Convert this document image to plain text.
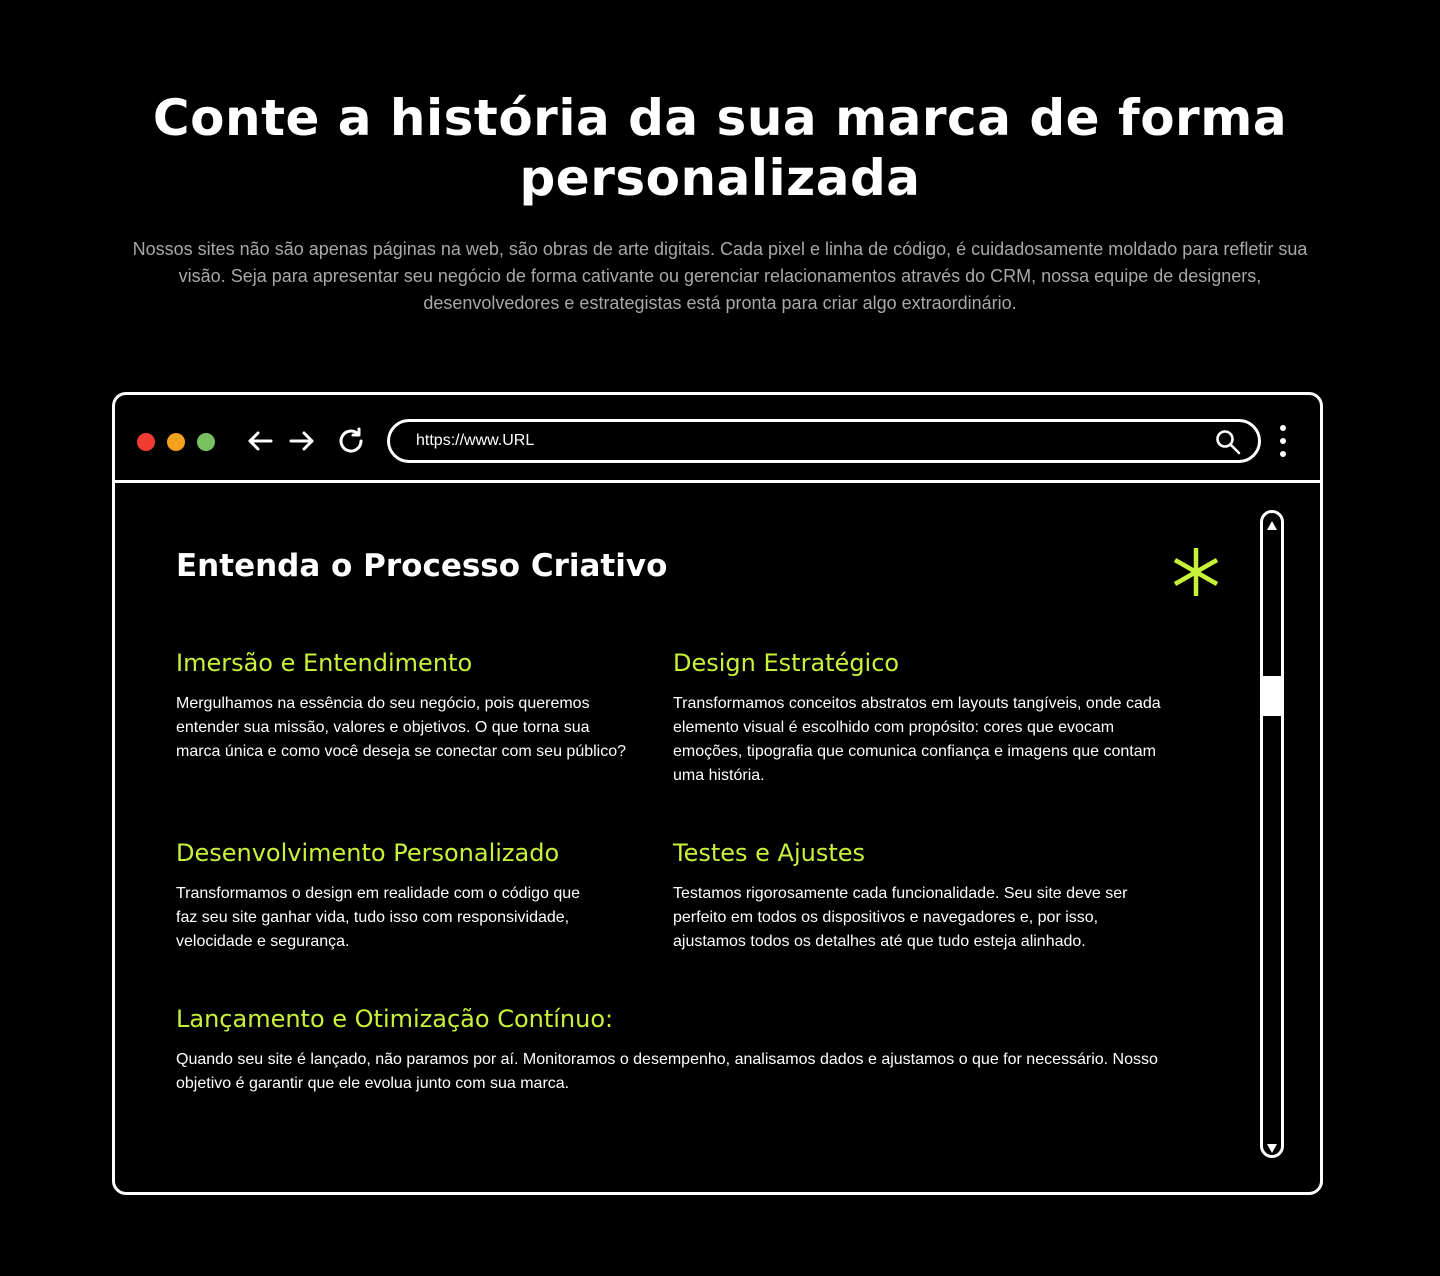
Conte a história da sua marca de forma personalizada

Nossos sites não são apenas páginas na web, são obras de arte digitais. Cada pixel e linha de código, é cuidadosamente moldado para refletir sua visão. Seja para apresentar seu negócio de forma cativante ou gerenciar relacionamentos através do CRM, nossa equipe de designers, desenvolvedores e estrategistas está pronta para criar algo extraordinário.

https://www.URL
Entenda o Processo Criativo
Imersão e Entendimento

Mergulhamos na essência do seu negócio, pois queremos entender sua missão, valores e objetivos. O que torna sua marca única e como você deseja se conectar com seu público?

Design Estratégico

Transformamos conceitos abstratos em layouts tangíveis, onde cada elemento visual é escolhido com propósito: cores que evocam emoções, tipografia que comunica confiança e imagens que contam uma história.

Desenvolvimento Personalizado

Transformamos o design em realidade com o código que faz seu site ganhar vida, tudo isso com responsividade, velocidade e segurança.

Testes e Ajustes

Testamos rigorosamente cada funcionalidade. Seu site deve ser perfeito em todos os dispositivos e navegadores e, por isso, ajustamos todos os detalhes até que tudo esteja alinhado.

Lançamento e Otimização Contínuo:

Quando seu site é lançado, não paramos por aí. Monitoramos o desempenho, analisamos dados e ajustamos o que for necessário. Nosso objetivo é garantir que ele evolua junto com sua marca.
